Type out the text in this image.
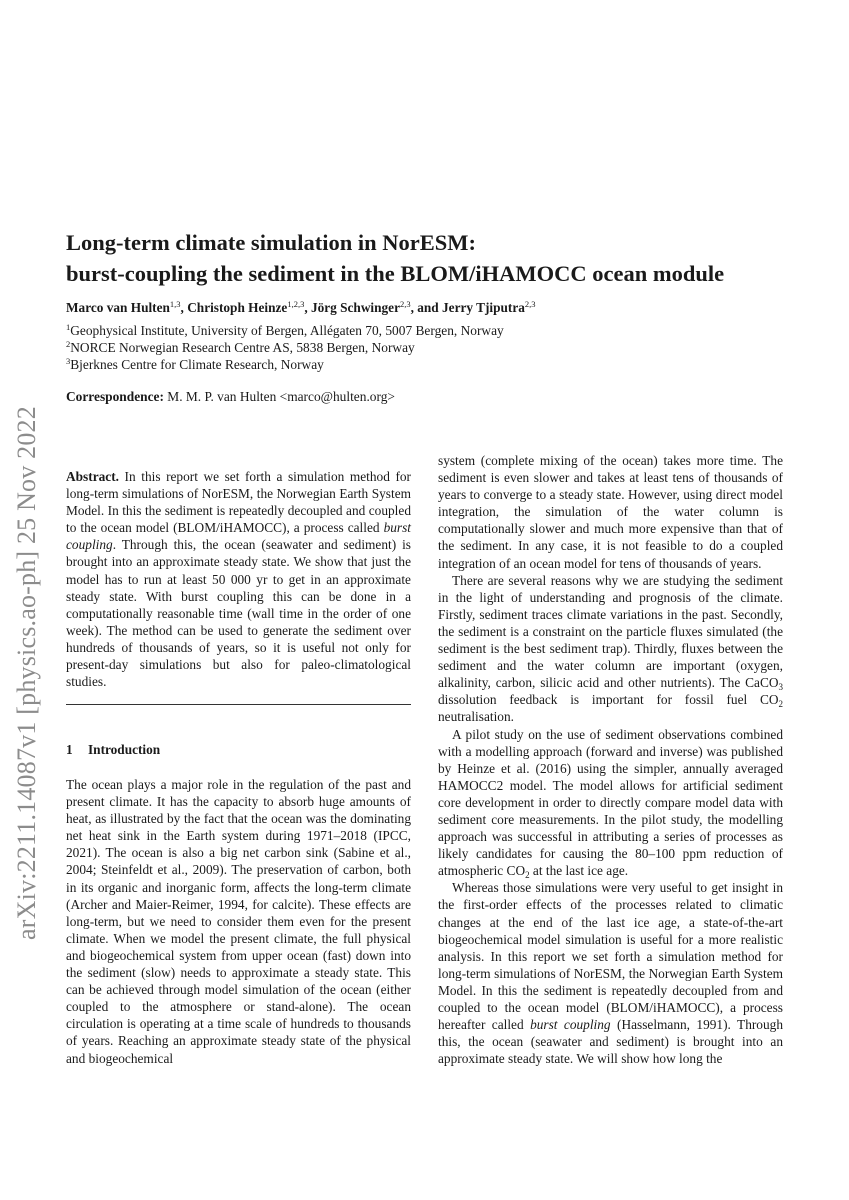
arXiv:2211.14087v1 [physics.ao-ph] 25 Nov 2022
Long-term climate simulation in NorESM:
burst-coupling the sediment in the BLOM/iHAMOCC ocean module
Marco van Hulten$^{1,3}$, Christoph Heinze$^{1,2,3}$, Jörg Schwinger$^{2,3}$, and Jerry Tjiputra$^{2,3}$
$^1$Geophysical Institute, University of Bergen, Allégaten 70, 5007 Bergen, Norway
$^2$NORCE Norwegian Research Centre AS, 5838 Bergen, Norway
$^3$Bjerknes Centre for Climate Research, Norway
Correspondence: M. M. P. van Hulten <marco@hulten.org>

Abstract. In this report we set forth a simulation method for long-term simulations of NorESM, the Norwegian Earth System Model. In this the sediment is repeatedly decoupled and coupled to the ocean model (BLOM/iHAMOCC), a process called burst coupling. Through this, the ocean (seawater and sediment) is brought into an approximate steady state. We show that just the model has to run at least 50 000 yr to get in an approximate steady state. With burst coupling this can be done in a computationally reasonable time (wall time in the order of one week). The method can be used to generate the sediment over hundreds of thousands of years, so it is useful not only for present-day simulations but also for paleo-climatological studies.

1 Introduction

The ocean plays a major role in the regulation of the past and present climate. It has the capacity to absorb huge amounts of heat, as illustrated by the fact that the ocean was the dominating net heat sink in the Earth system during 1971–2018 (IPCC, 2021). The ocean is also a big net carbon sink (Sabine et al., 2004; Steinfeldt et al., 2009). The preservation of carbon, both in its organic and inorganic form, affects the long-term climate (Archer and Maier-Reimer, 1994, for calcite). These effects are long-term, but we need to consider them even for the present climate. When we model the present climate, the full physical and biogeochemical system from upper ocean (fast) down into the sediment (slow) needs to approximate a steady state. This can be achieved through model simulation of the ocean (either coupled to the atmosphere or stand-alone). The ocean circulation is operating at a time scale of hundreds to thousands of years. Reaching an approximate steady state of the physical and biogeochemical

system (complete mixing of the ocean) takes more time. The sediment is even slower and takes at least tens of thousands of years to converge to a steady state. However, using direct model integration, the simulation of the water column is computationally slower and much more expensive than that of the sediment. In any case, it is not feasible to do a coupled integration of an ocean model for tens of thousands of years.

There are several reasons why we are studying the sediment in the light of understanding and prognosis of the climate. Firstly, sediment traces climate variations in the past. Secondly, the sediment is a constraint on the particle fluxes simulated (the sediment is the best sediment trap). Thirdly, fluxes between the sediment and the water column are important (oxygen, alkalinity, carbon, silicic acid and other nutrients). The CaCO$_3$ dissolution feedback is important for fossil fuel $CO_2$ neutralisation.

A pilot study on the use of sediment observations combined with a modelling approach (forward and inverse) was published by Heinze et al. (2016) using the simpler, annually averaged HAMOCC2 model. The model allows for artificial sediment core development in order to directly compare model data with sediment core measurements. In the pilot study, the modelling approach was successful in attributing a series of processes as likely candidates for causing the 80–100 ppm reduction of atmospheric $CO_2$ at the last ice age.

Whereas those simulations were very useful to get insight in the first-order effects of the processes related to climatic changes at the end of the last ice age, a state-of-the-art biogeochemical model simulation is useful for a more realistic analysis. In this report we set forth a simulation method for long-term simulations of NorESM, the Norwegian Earth System Model. In this the sediment is repeatedly decoupled from and coupled to the ocean model (BLOM/iHAMOCC), a process hereafter called burst coupling (Hasselmann, 1991). Through this, the ocean (seawater and sediment) is brought into an approximate steady state. We will show how long the
